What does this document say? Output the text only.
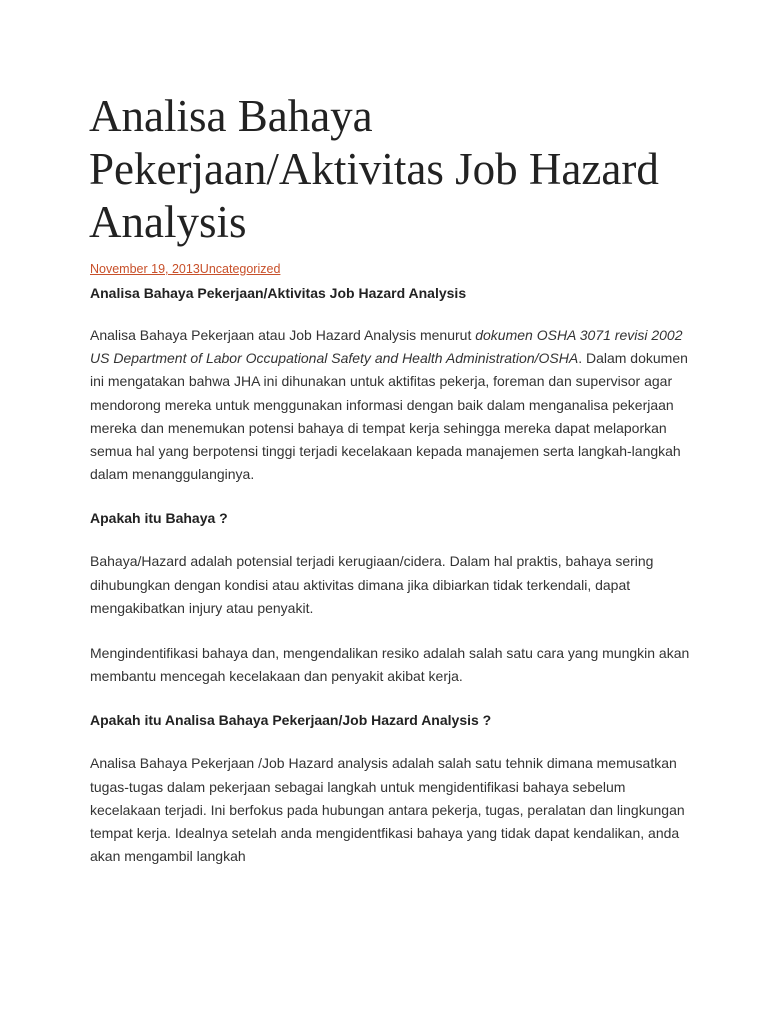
Analisa Bahaya Pekerjaan/Aktivitas Job Hazard Analysis
November 19, 2013Uncategorized
Analisa Bahaya Pekerjaan/Aktivitas Job Hazard Analysis

Analisa Bahaya Pekerjaan atau Job Hazard Analysis menurut dokumen OSHA 3071 revisi 2002 US Department of Labor Occupational Safety and Health Administration/OSHA. Dalam dokumen ini mengatakan bahwa JHA ini dihunakan untuk aktifitas pekerja, foreman dan supervisor agar mendorong mereka untuk menggunakan informasi dengan baik dalam menganalisa pekerjaan mereka dan menemukan potensi bahaya di tempat kerja sehingga mereka dapat melaporkan semua hal yang berpotensi tinggi terjadi kecelakaan kepada manajemen serta langkah-langkah dalam menanggulanginya.

Apakah itu Bahaya ?

Bahaya/Hazard adalah potensial terjadi kerugiaan/cidera. Dalam hal praktis, bahaya sering dihubungkan dengan kondisi atau aktivitas dimana jika dibiarkan tidak terkendali, dapat mengakibatkan injury atau penyakit.

Mengindentifikasi bahaya dan, mengendalikan resiko adalah salah satu cara yang mungkin akan membantu mencegah kecelakaan dan penyakit akibat kerja.

Apakah itu Analisa Bahaya Pekerjaan/Job Hazard Analysis ?

Analisa Bahaya Pekerjaan /Job Hazard analysis adalah salah satu tehnik dimana memusatkan tugas-tugas dalam pekerjaan sebagai langkah untuk mengidentifikasi bahaya sebelum kecelakaan terjadi. Ini berfokus pada hubungan antara pekerja, tugas, peralatan dan lingkungan tempat kerja. Idealnya setelah anda mengidentfikasi bahaya yang tidak dapat kendalikan, anda akan mengambil langkah
